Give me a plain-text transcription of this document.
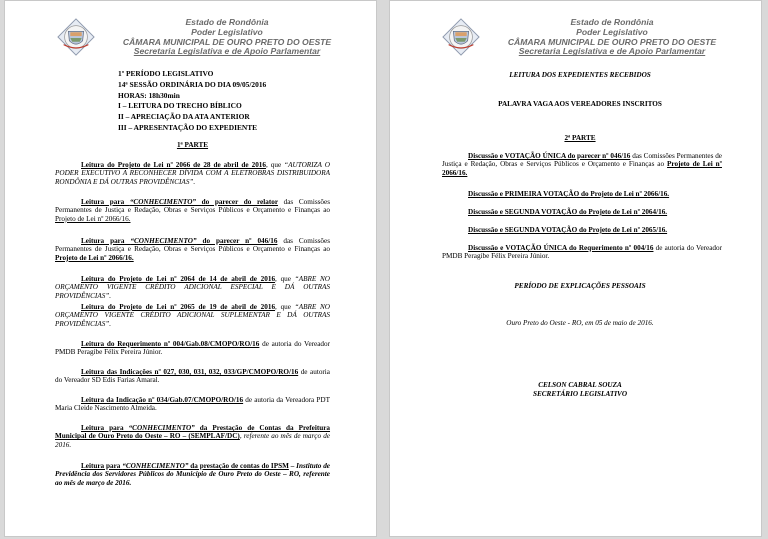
Estado de Rondônia
Poder Legislativo
CÂMARA MUNICIPAL DE OURO PRETO DO OESTE
Secretaria Legislativa e de Apoio Parlamentar
1º PERÍODO LEGISLATIVO
14ª SESSÃO ORDINÁRIA DO DIA 09/05/2016
HORAS: 18h30min
I – LEITURA DO TRECHO BÍBLICO
II – APRECIAÇÃO DA ATA ANTERIOR
III – APRESENTAÇÃO DO EXPEDIENTE
1ª PARTE

Leitura do Projeto de Lei nº 2066 de 28 de abril de 2016, que “AUTORIZA O PODER EXECUTIVO A RECONHECER DÍVIDA COM A ELETROBRAS DISTRIBUIDORA RONDÔNIA E DÁ OUTRAS PROVIDÊNCIAS”.

Leitura para “CONHECIMENTO” do parecer do relator das Comissões Permanentes de Justiça e Redação, Obras e Serviços Públicos e Orçamento e Finanças ao Projeto de Lei nº 2066/16.

Leitura para “CONHECIMENTO” do parecer nº 046/16 das Comissões Permanentes de Justiça e Redação, Obras e Serviços Públicos e Orçamento e Finanças ao Projeto de Lei nº 2066/16.

Leitura do Projeto de Lei nº 2064 de 14 de abril de 2016, que “ABRE NO ORÇAMENTO VIGENTE CRÉDITO ADICIONAL ESPECIAL E DÁ OUTRAS PROVIDÊNCIAS”.

Leitura do Projeto de Lei nº 2065 de 19 de abril de 2016, que “ABRE NO ORÇAMENTO VIGENTE CRÉDITO ADICIONAL SUPLEMENTAR E DÁ OUTRAS PROVIDÊNCIAS”.

Leitura do Requerimento nº 004/Gab.08/CMOPO/RO/16 de autoria do Vereador PMDB Peragibe Félix Pereira Júnior.

Leitura das Indicações nº 027, 030, 031, 032, 033/GP/CMOPO/RO/16 de autoria do Vereador SD Edis Farias Amaral.

Leitura da Indicação nº 034/Gab.07/CMOPO/RO/16 de autoria da Vereadora PDT Maria Cleide Nascimento Almeida.

Leitura para “CONHECIMENTO” da Prestação de Contas da Prefeitura Municipal de Ouro Preto do Oeste – RO – (SEMPLAF/DC), referente ao mês de março de 2016.

Leitura para “CONHECIMENTO” da prestação de contas do IPSM – Instituto de Previdência dos Servidores Públicos do Município de Ouro Preto do Oeste – RO, referente ao mês de março de 2016.

Estado de Rondônia
Poder Legislativo
CÂMARA MUNICIPAL DE OURO PRETO DO OESTE
Secretaria Legislativa e de Apoio Parlamentar
LEITURA DOS EXPEDIENTES RECEBIDOS
PALAVRA VAGA AOS VEREADORES INSCRITOS
2ª PARTE

Discussão e VOTAÇÃO ÚNICA do parecer nº 046/16 das Comissões Permanentes de Justiça e Redação, Obras e Serviços Públicos e Orçamento e Finanças ao Projeto de Lei nº 2066/16.

Discussão e PRIMEIRA VOTAÇÃO do Projeto de Lei nº 2066/16.

Discussão e SEGUNDA VOTAÇÃO do Projeto de Lei nº 2064/16.

Discussão e SEGUNDA VOTAÇÃO do Projeto de Lei nº 2065/16.

Discussão e VOTAÇÃO ÚNICA do Requerimento nº 004/16 de autoria do Vereador PMDB Peragibe Félix Pereira Júnior.

PERÍODO DE EXPLICAÇÕES PESSOAIS
Ouro Preto do Oeste - RO, em 05 de maio de 2016.
CELSON CABRAL SOUZA
SECRETÁRIO LEGISLATIVO
